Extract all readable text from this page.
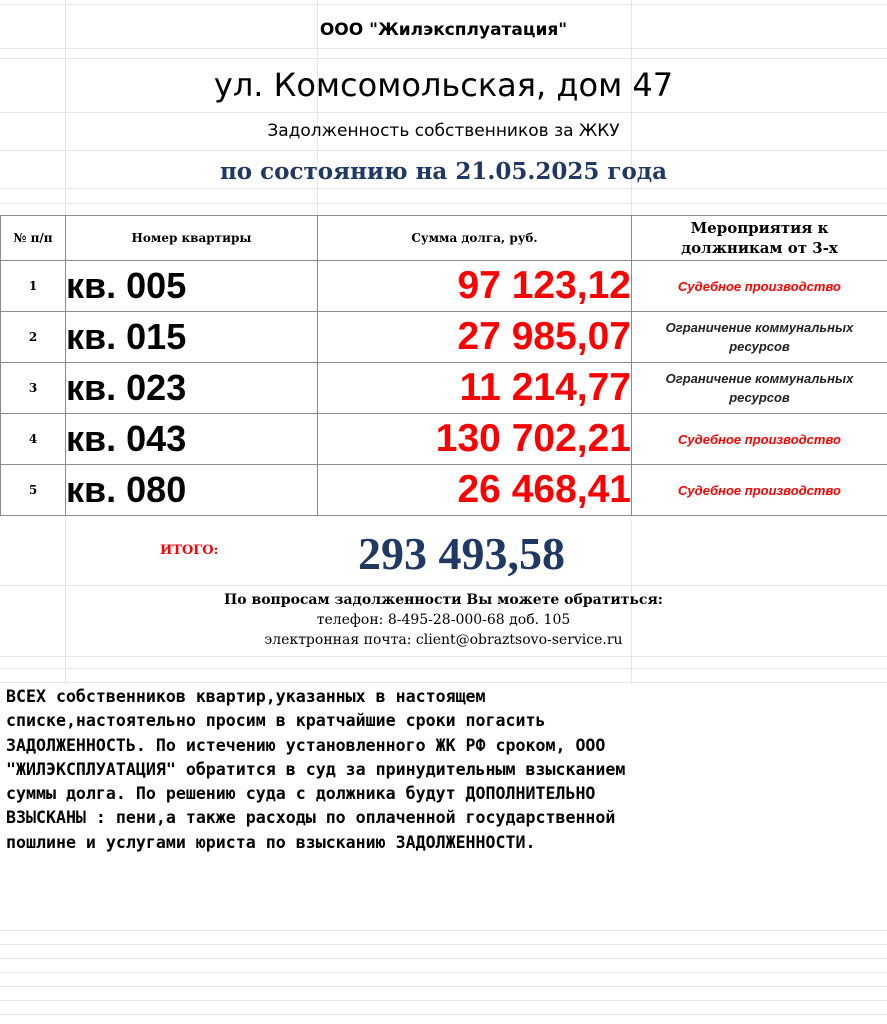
ООО "Жилэксплуатация"
ул. Комсомольская, дом 47
Задолженность собственников за ЖКУ
по состоянию на 21.05.2025 года
№ п/п	Номер квартиры	Сумма долга, руб.	Мероприятия к
должникам от 3-х

1	кв. 005	97 123,12	Судебное производство

2	кв. 015	27 985,07	Ограничение коммунальных
ресурсов

3	кв. 023	11 214,77	Ограничение коммунальных
ресурсов

4	кв. 043	130 702,21	Судебное производство

5	кв. 080	26 468,41	Судебное производство
ИТОГО:	293 493,58
По вопросам задолженности Вы можете обратиться:
телефон: 8-495-28-000-68 доб. 105
электронная почта: client@obraztsovo-service.ru
ВСЕХ собственников квартир,указанных в настоящем
списке,настоятельно просим в кратчайшие сроки погасить
ЗАДОЛЖЕННОСТЬ. По истечению установленного ЖК РФ сроком, ООО
"ЖИЛЭКСПЛУАТАЦИЯ" обратится в суд за принудительным взысканием
суммы долга. По решению суда с должника будут ДОПОЛНИТЕЛЬНО
ВЗЫСКАНЫ : пени,а также расходы по оплаченной государственной
пошлине и услугами юриста по взысканию ЗАДОЛЖЕННОСТИ.
